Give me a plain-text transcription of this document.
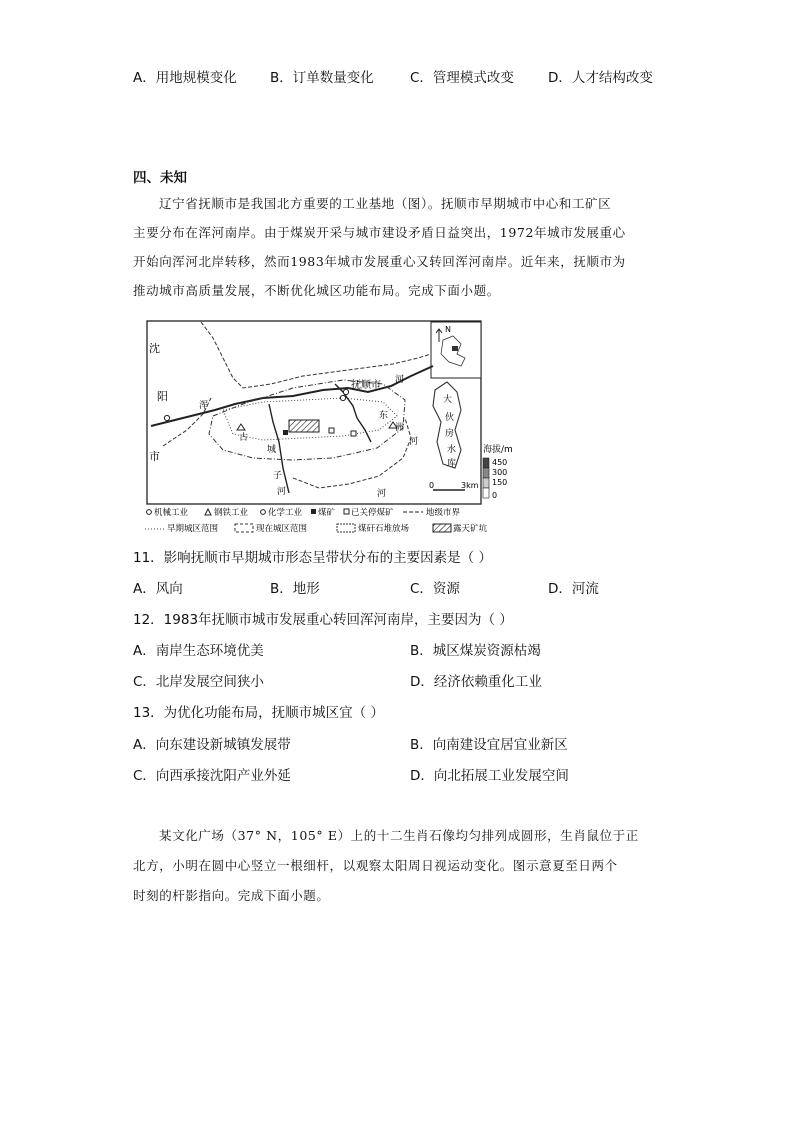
A．用地规模变化 B．订单数量变化	C．管理模式改变	D．人才结构改变
四、未知
辽宁省抚顺市是我国北方重要的工业基地（图）。抚顺市早期城市中心和工矿区
主要分布在浑河南岸。由于煤炭开采与城市建设矛盾日益突出，1972年城市发展重心
开始向浑河北岸转移，然而1983年城市发展重心又转回浑河南岸。近年来，抚顺市为
推动城市高质量发展，不断优化城区功能布局。完成下面小题。
N
沈
阳
市
抚顺市 河
浑
东
洲
河
古
城
子
河	河
大
伙
房
水
库
0	3km
海拔/m
450
300
150
0
机械工业	钢铁工业 化学工业 煤矿 已关停煤矿	地级市界
早期城区范围	现在城区范围	煤矸石堆放场	露天矿坑
11．影响抚顺市早期城市形态呈带状分布的主要因素是（ ）
A．风向	B．地形	C．资源	D．河流
12．1983年抚顺市城市发展重心转回浑河南岸，主要因为（ ）
A．南岸生态环境优美	B．城区煤炭资源枯竭
C．北岸发展空间狭小	D．经济依赖重化工业
13．为优化功能布局，抚顺市城区宜（ ）
A．向东建设新城镇发展带	B．向南建设宜居宜业新区
C．向西承接沈阳产业外延	D．向北拓展工业发展空间
某文化广场（37° N，105° E）上的十二生肖石像均匀排列成圆形，生肖鼠位于正
北方，小明在圆中心竖立一根细杆，以观察太阳周日视运动变化。图示意夏至日两个
时刻的杆影指向。完成下面小题。
